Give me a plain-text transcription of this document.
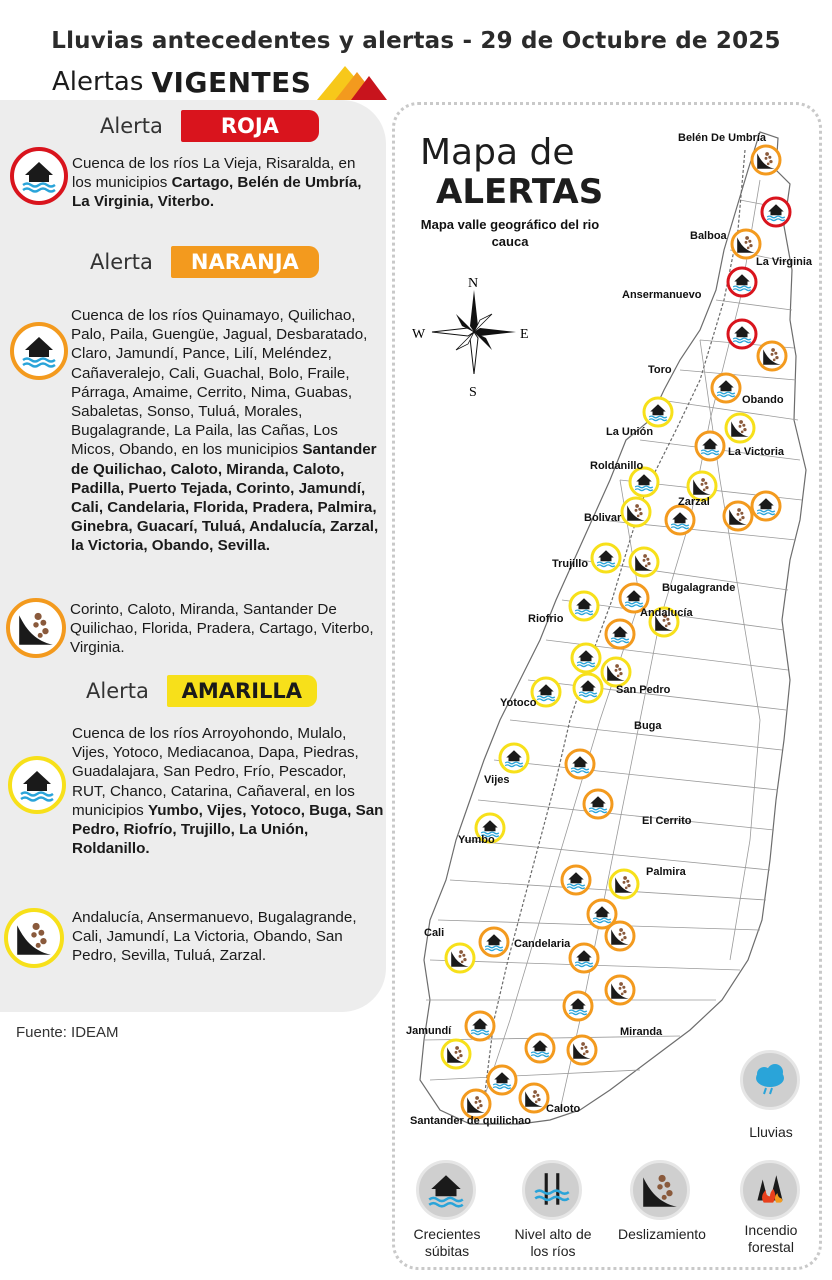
Lluvias antecedentes y alertas - 29 de Octubre de 2025
Alertas VIGENTES
Alerta	ROJA
Cuenca de los ríos La Vieja, Risaralda, en los municipios Cartago, Belén de Umbría, La Virginia, Viterbo.
Alerta	NARANJA
Cuenca de los ríos Quinamayo, Quilichao, Palo, Paila, Guengüe, Jagual, Desbaratado, Claro, Jamundí, Pance, Lilí, Meléndez, Cañaveralejo, Cali, Guachal, Bolo, Fraile, Párraga, Amaime, Cerrito, Nima, Guabas, Sabaletas, Sonso, Tuluá, Morales, Bugalagrande, La Paila, las Cañas, Los Micos, Obando, en los municipios Santander de Quilichao, Caloto, Miranda, Caloto, Padilla, Puerto Tejada, Corinto, Jamundí, Cali, Candelaria, Florida, Pradera, Palmira, Ginebra, Guacarí, Tuluá, Andalucía, Zarzal, la Victoria, Obando, Sevilla.
Corinto, Caloto, Miranda, Santander De Quilichao, Florida, Pradera, Cartago, Viterbo, Virginia.
Alerta	AMARILLA
Cuenca de los ríos Arroyohondo, Mulalo, Vijes, Yotoco, Mediacanoa, Dapa, Piedras, Guadalajara, San Pedro, Frío, Pescador, RUT, Chanco, Catarina, Cañaveral, en los municipios Yumbo, Vijes, Yotoco, Buga, San Pedro, Riofrío, Trujillo, La Unión, Roldanillo.
Andalucía, Ansermanuevo, Bugalagrande, Cali, Jamundí, La Victoria, Obando, San Pedro, Sevilla, Tuluá, Zarzal.
Fuente: IDEAM
Mapa de
ALERTAS
Mapa valle geográfico del rio cauca
N
S
W	E
Belén De Umbría
Balboa
La Virginia
Ansermanuevo
Toro
Obando
La Unión
La Victoria
Roldanillo
Zarzal
Bolivar
Trujillo
Bugalagrande
Riofrio	Andalucía
San Pedro
Yotoco
Buga
Vijes
El Cerrito
Yumbo
Palmira
Cali
Candelaria
Jamundí	Miranda
Caloto
Santander de quilichao
Lluvias
Crecientes súbitas
Nivel alto de los ríos
Deslizamiento	Incendio forestal
